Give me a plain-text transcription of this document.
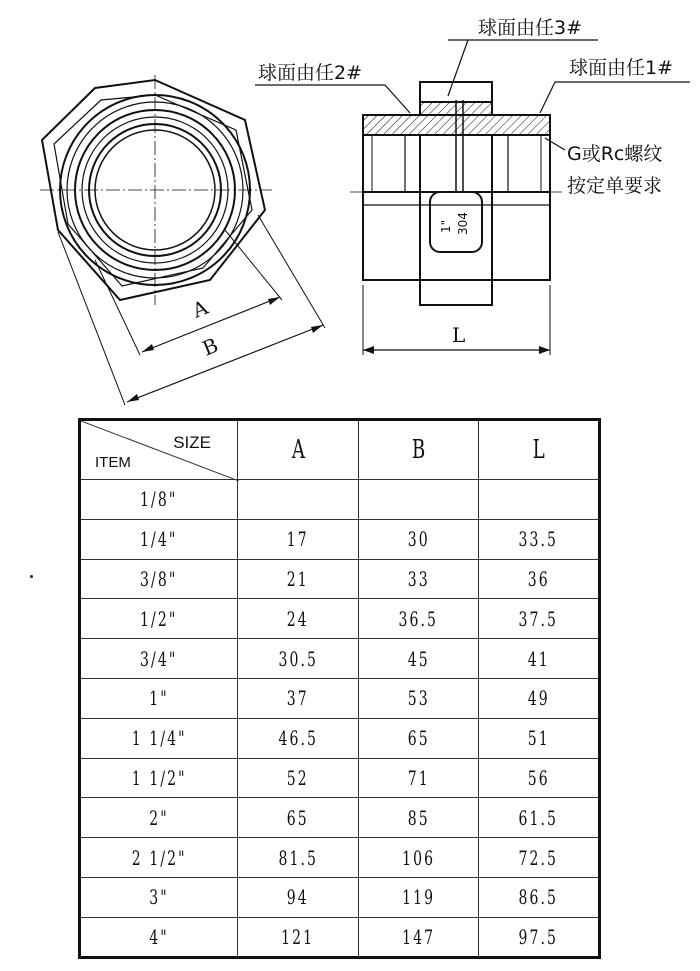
A
B
1" 304
L
球面由任3#
球面由任2#	球面由任1#
G或Rc螺纹
按定单要求
SIZE
ITEM	A	B	L
1/8"			
1/4"	17	30	33.5
3/8"	21	33	36
1/2"	24	36.5	37.5
3/4"	30.5	45	41
1"	37	53	49
1 1/4"	46.5	65	51
1 1/2"	52	71	56
2"	65	85	61.5
2 1/2"	81.5	106	72.5
3"	94	119	86.5
4"	121	147	97.5
